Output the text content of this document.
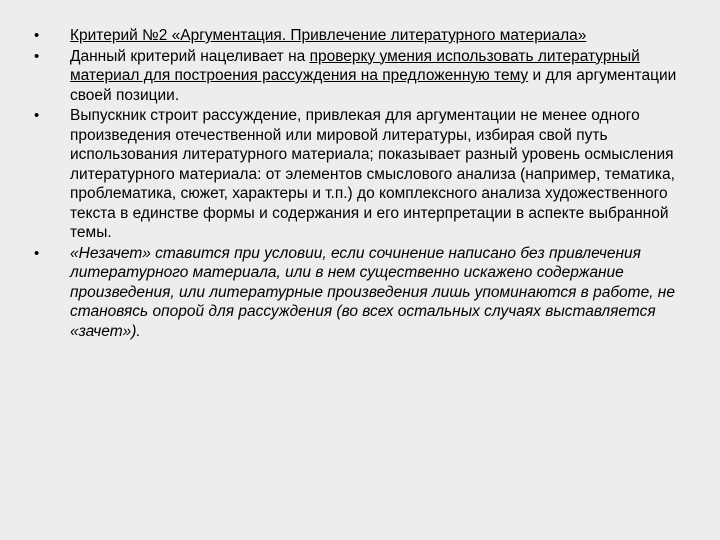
•	Критерий №2 «Аргументация. Привлечение литературного материала»
•	Данный критерий нацеливает на проверку умения использовать литературный материал для построения рассуждения на предложенную тему и для аргументации своей позиции.
•	Выпускник строит рассуждение, привлекая для аргументации не менее одного произведения отечественной или мировой литературы, избирая свой путь использования литературного материала; показывает разный уровень осмысления литературного материала: от элементов смыслового анализа (например, тематика, проблематика, сюжет, характеры и т.п.) до комплексного анализа художественного текста в единстве формы и содержания и его интерпретации в аспекте выбранной темы.
•	«Незачет» ставится при условии, если сочинение написано без привлечения литературного материала, или в нем существенно искажено содержание произведения, или литературные произведения лишь упоминаются в работе, не становясь опорой для рассуждения (во всех остальных случаях выставляется «зачет»).
